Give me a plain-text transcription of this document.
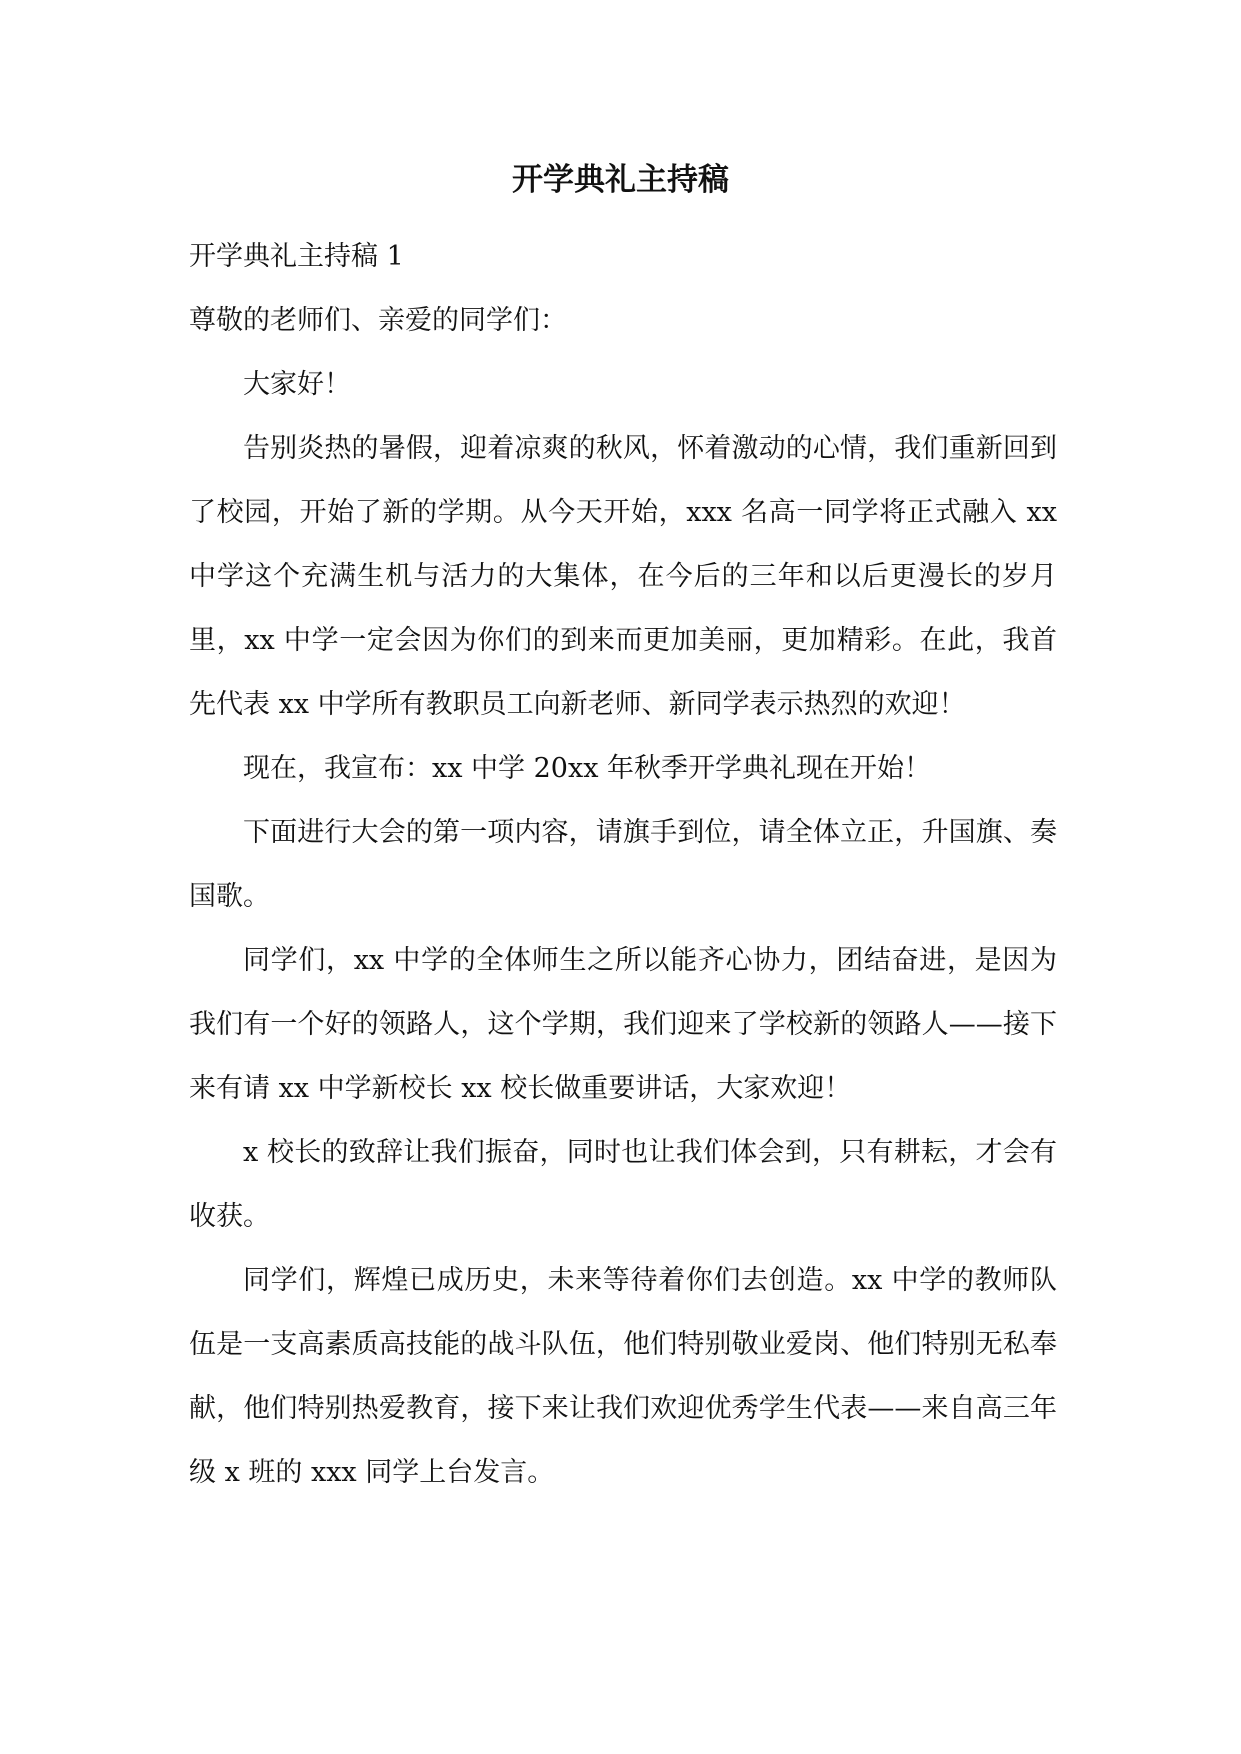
开学典礼主持稿

开学典礼主持稿 1

尊敬的老师们、亲爱的同学们：

大家好！

告别炎热的暑假，迎着凉爽的秋风，怀着激动的心情，我们重新回到了校园，开始了新的学期。从今天开始，xxx 名高一同学将正式融入 xx 中学这个充满生机与活力的大集体，在今后的三年和以后更漫长的岁月里，xx 中学一定会因为你们的到来而更加美丽，更加精彩。在此，我首先代表 xx 中学所有教职员工向新老师、新同学表示热烈的欢迎！

现在，我宣布：xx 中学 20xx 年秋季开学典礼现在开始！

下面进行大会的第一项内容，请旗手到位，请全体立正，升国旗、奏国歌。

同学们，xx 中学的全体师生之所以能齐心协力，团结奋进，是因为我们有一个好的领路人，这个学期，我们迎来了学校新的领路人——接下来有请 xx 中学新校长 xx 校长做重要讲话，大家欢迎！

x 校长的致辞让我们振奋，同时也让我们体会到，只有耕耘，才会有收获。

同学们，辉煌已成历史，未来等待着你们去创造。xx 中学的教师队伍是一支高素质高技能的战斗队伍，他们特别敬业爱岗、他们特别无私奉献，他们特别热爱教育，接下来让我们欢迎优秀学生代表——来自高三年级 x 班的 xxx 同学上台发言。
